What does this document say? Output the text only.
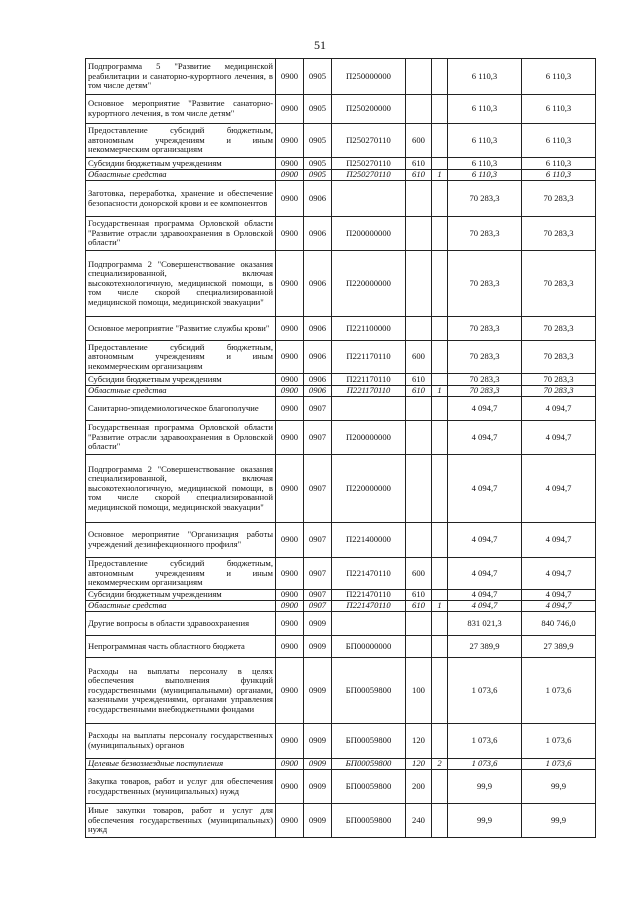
51
Подпрограмма 5 "Развитие медицинской реабилитации и санаторно-курортного лечения, в том числе детям"	0900	0905	П250000000			6 110,3	6 110,3
Основное мероприятие "Развитие санаторно-курортного лечения, в том числе детям"	0900	0905	П250200000			6 110,3	6 110,3
Предоставление субсидий бюджетным, автономным учреждениям и иным некоммерческим организациям	0900	0905	П250270110	600		6 110,3	6 110,3
Субсидии бюджетным учреждениям	0900	0905	П250270110	610		6 110,3	6 110,3
Областные средства	0900	0905	П250270110	610	1	6 110,3	6 110,3
Заготовка, переработка, хранение и обеспечение безопасности донорской крови и ее компонентов	0900	0906				70 283,3	70 283,3
Государственная программа Орловской области "Развитие отрасли здравоохранения в Орловской области"	0900	0906	П200000000			70 283,3	70 283,3
Подпрограмма 2 "Совершенствование оказания специализированной, включая высокотехнологичную, медицинской помощи, в том числе скорой специализированной медицинской помощи, медицинской эвакуации"	0900	0906	П220000000			70 283,3	70 283,3
Основное мероприятие "Развитие службы крови"	0900	0906	П221100000			70 283,3	70 283,3
Предоставление субсидий бюджетным, автономным учреждениям и иным некоммерческим организациям	0900	0906	П221170110	600		70 283,3	70 283,3
Субсидии бюджетным учреждениям	0900	0906	П221170110	610		70 283,3	70 283,3
Областные средства	0900	0906	П221170110	610	1	70 283,3	70 283,3
Санитарно-эпидемиологическое благополучие	0900	0907				4 094,7	4 094,7
Государственная программа Орловской области "Развитие отрасли здравоохранения в Орловской области"	0900	0907	П200000000			4 094,7	4 094,7
Подпрограмма 2 "Совершенствование оказания специализированной, включая высокотехнологичную, медицинской помощи, в том числе скорой специализированной медицинской помощи, медицинской эвакуации"	0900	0907	П220000000			4 094,7	4 094,7
Основное мероприятие "Организация работы учреждений дезинфекционного профиля"	0900	0907	П221400000			4 094,7	4 094,7
Предоставление субсидий бюджетным, автономным учреждениям и иным некоммерческим организациям	0900	0907	П221470110	600		4 094,7	4 094,7
Субсидии бюджетным учреждениям	0900	0907	П221470110	610		4 094,7	4 094,7
Областные средства	0900	0907	П221470110	610	1	4 094,7	4 094,7
Другие вопросы в области здравоохранения	0900	0909				831 021,3	840 746,0
Непрограммная часть областного бюджета	0900	0909	БП00000000			27 389,9	27 389,9
Расходы на выплаты персоналу в целях обеспечения выполнения функций государственными (муниципальными) органами, казенными учреждениями, органами управления государственными внебюджетными фондами	0900	0909	БП00059800	100		1 073,6	1 073,6
Расходы на выплаты персоналу государственных (муниципальных) органов	0900	0909	БП00059800	120		1 073,6	1 073,6
Целевые безвозмездные поступления	0900	0909	БП00059800	120	2	1 073,6	1 073,6
Закупка товаров, работ и услуг для обеспечения государственных (муниципальных) нужд	0900	0909	БП00059800	200		99,9	99,9
Иные закупки товаров, работ и услуг для обеспечения государственных (муниципальных) нужд	0900	0909	БП00059800	240		99,9	99,9
